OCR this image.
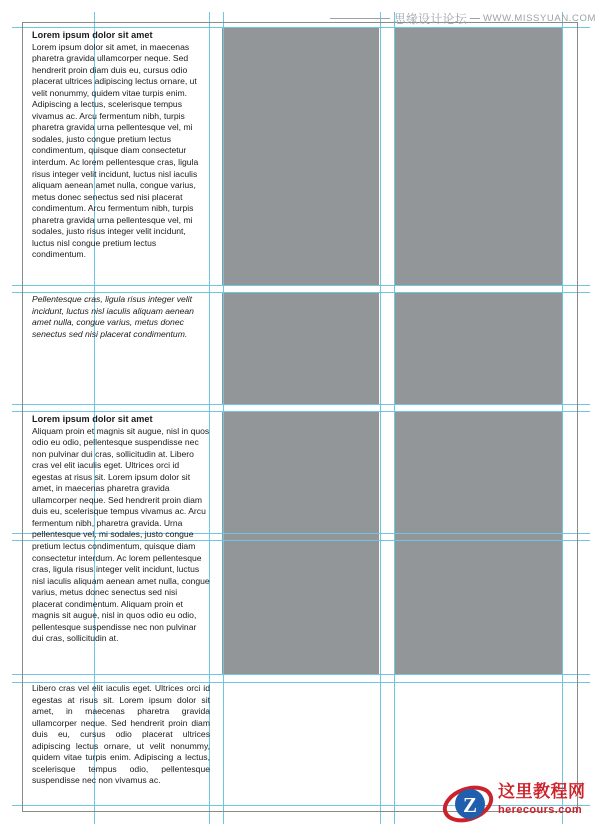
Lorem ipsum dolor sit amet

Lorem ipsum dolor sit amet, in maecenas pharetra gravida ullamcorper neque. Sed hendrerit proin diam duis eu, cursus odio placerat ultrices adipiscing lectus ornare, ut velit nonummy, quidem vitae turpis enim. Adipiscing a lectus, scelerisque tempus vivamus ac. Arcu fermentum nibh, turpis pharetra gravida urna pellentesque vel, mi sodales, justo congue pretium lectus condimentum, quisque diam consectetur interdum. Ac lorem pellentesque cras, ligula risus integer velit incidunt, luctus nisl iaculis aliquam aenean amet nulla, congue varius, metus donec senectus sed nisi placerat condimentum. Arcu fermentum nibh, turpis pharetra gravida urna pellentesque vel, mi sodales, justo risus integer velit incidunt, luctus nisl congue pretium lectus condimentum.

Pellentesque cras, ligula risus integer velit incidunt, luctus nisl iaculis aliquam aenean amet nulla, congue varius, metus donec senectus sed nisi placerat condimentum.

Lorem ipsum dolor sit amet

Aliquam proin et magnis sit augue, nisl in quos odio eu odio, pellentesque suspendisse nec non pulvinar dui cras, sollicitudin at. Libero cras vel elit iaculis eget. Ultrices orci id egestas at risus sit. Lorem ipsum dolor sit amet, in maecenas pharetra gravida ullamcorper neque. Sed hendrerit proin diam duis eu, scelerisque tempus vivamus ac. Arcu fermentum nibh, pharetra gravida. Urna pellentesque vel, mi sodales, justo congue pretium lectus condimentum, quisque diam consectetur interdum. Ac lorem pellentesque cras, ligula risus integer velit incidunt, luctus nisl iaculis aliquam aenean amet nulla, congue varius, metus donec senectus sed nisi placerat condimentum. Aliquam proin et magnis sit augue, nisl in quos odio eu odio, pellentesque suspendisse nec non pulvinar dui cras, sollicitudin at.

Libero cras vel elit iaculis eget. Ultrices orci id egestas at risus sit. Lorem ipsum dolor sit amet, in maecenas pharetra gravida ullamcorper neque. Sed hendrerit proin diam duis eu, cursus odio placerat ultrices adipiscing lectus ornare, ut velit nonummy, quidem vitae turpis enim. Adipiscing a lectus, scelerisque tempus odio, pellentesque suspendisse nec non vivamus ac.

思缘设计论坛 WWW.MISSYUAN.COM
Z
这里教程网
herecours.com
